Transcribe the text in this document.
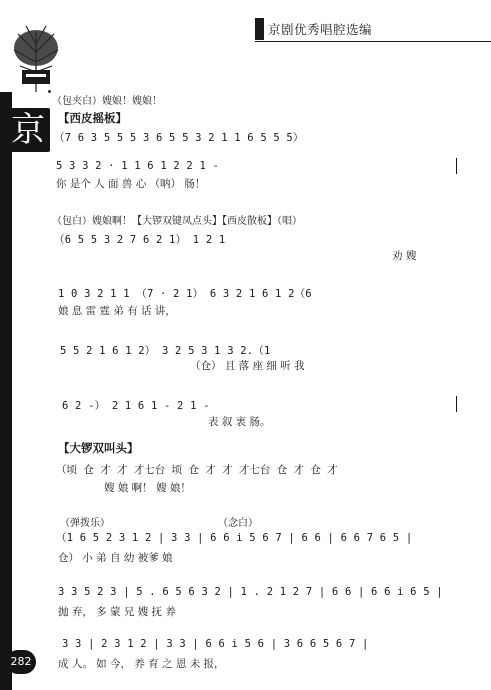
京剧优秀唱腔选编
京
（包夹白）嫂娘！嫂娘！
【西皮摇板】
（7 6 3 5 5 5 3 6 5 5 3 2 1 1 6 5 5 5）
5 3 3 2 · 1 1 6 1 2 2 1 -
你 是个 人 面 兽 心 （呐） 肠！
（包白）嫂娘啊！【大锣双键凤点头】【西皮散板】（唱）
（6 5 5 3 2 7 6 2 1） 1 2 1
劝 嫂
1 0 3 2 1 1 （7 · 2 1） 6 3 2 1 6 1 2（6
娘 息 雷 霆 弟 有 话 讲，
5 5 2 1 6 1 2） 3 2 5 3 1 3 2.（1
（仓） 且 落 座 细 听 我
6 2 -） 2 1 6 1 - 2 1 -
表 叙 衷 肠。
【大锣双叫头】
（顷 仓 才 才 才七台 顷 仓 才 才 才七台 仓 才 仓 才
嫂 娘 啊！ 嫂 娘！
（弹拨乐）	（念白）
（1 6 5 2 3 1 2 | 3 3 | 6 6 i 5 6 7 | 6 6 | 6 6 7 6 5 |
仓） 小 弟 自 幼 被爹 娘
3 3 5 2 3 | 5 . 6 5 6 3 2 | 1 . 2 1 2 7 | 6 6 | 6 6 i 6 5 |
抛 弃， 多 蒙 兄 嫂 抚 养
3 3 | 2 3 1 2 | 3 3 | 6 6 i 5 6 | 3 6 6 5 6 7 |
成 人。 如 今， 养 育 之 恩 未 报，
282
